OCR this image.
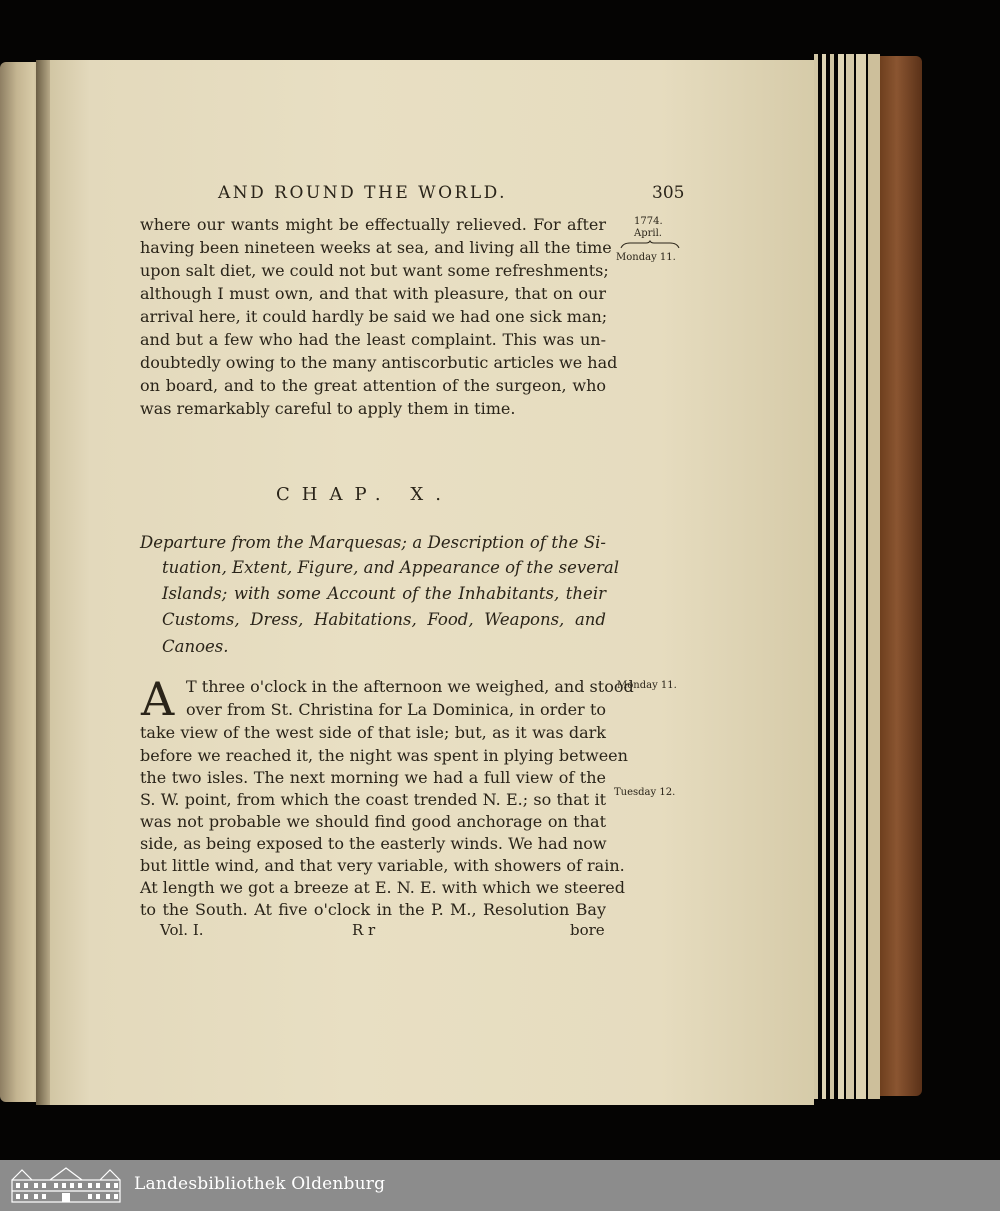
AND ROUND THE WORLD.	305
1774.
April.
Monday 11.
where our wants might be effectually relieved. For after
having been nineteen weeks at sea, and living all the time
upon salt diet, we could not but want some refreshments;
although I must own, and that with pleasure, that on our
arrival here, it could hardly be said we had one sick man;
and but a few who had the least complaint. This was un-
doubtedly owing to the many antiscorbutic articles we had
on board, and to the great attention of the surgeon, who
was remarkably careful to apply them in time.
CHAP. X.
Departure from the Marquesas; a Description of the Si-
tuation, Extent, Figure, and Appearance of the several
Islands; with some Account of the Inhabitants, their
Customs, Dress, Habitations, Food, Weapons, and
Canoes.
A	Monday 11.
Tuesday 12.
T three o'clock in the afternoon we weighed, and stood
over from St. Christina for La Dominica, in order to
take view of the west side of that isle; but, as it was dark
before we reached it, the night was spent in plying between
the two isles. The next morning we had a full view of the
S. W. point, from which the coast trended N. E.; so that it
was not probable we should find good anchorage on that
side, as being exposed to the easterly winds. We had now
but little wind, and that very variable, with showers of rain.
At length we got a breeze at E. N. E. with which we steered
to the South. At five o'clock in the P. M., Resolution Bay
Vol. I.	R r	bore
Landesbibliothek Oldenburg
